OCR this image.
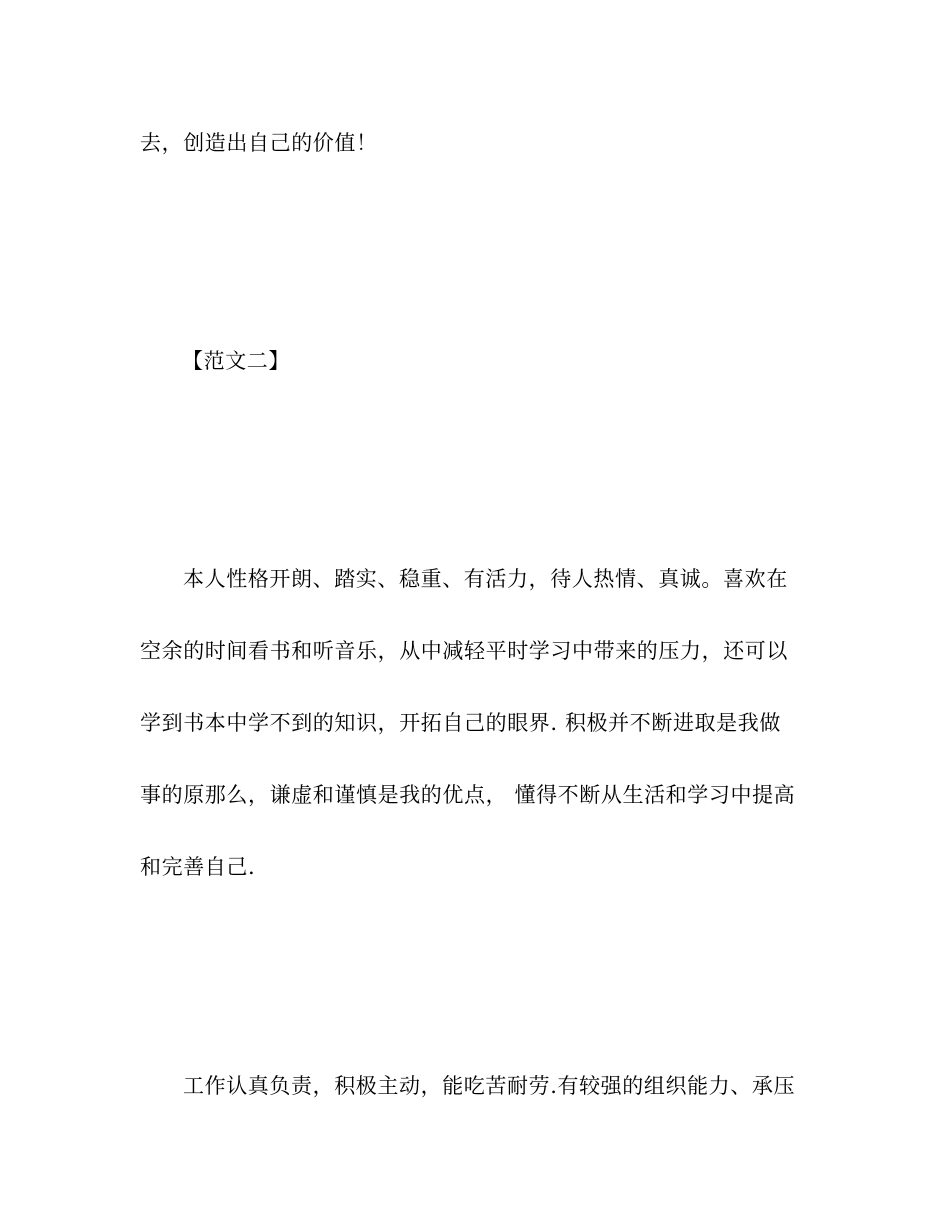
去，创造出自己的价值！
【范文二】
本人性格开朗、踏实、稳重、有活力，待人热情、真诚。喜欢在
空余的时间看书和听音乐，从中减轻平时学习中带来的压力，还可以
学到书本中学不到的知识，开拓自己的眼界. 积极并不断进取是我做
事的原那么，谦虚和谨慎是我的优点， 懂得不断从生活和学习中提高
和完善自己.
工作认真负责，积极主动，能吃苦耐劳.有较强的组织能力、承压
